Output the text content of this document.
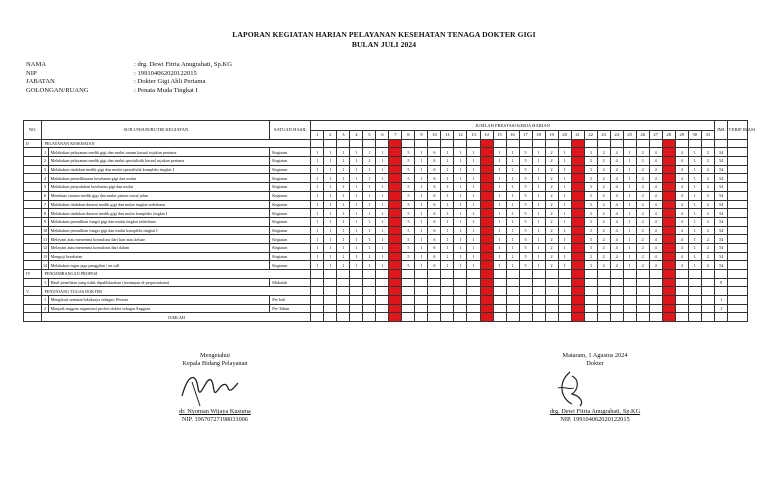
LAPORAN KEGIATAN HARIAN PELAYANAN KESEHATAN TENAGA DOKTER GIGI
BULAN JULI 2024
NAMA	: drg. Dewi Fitria Anugrahati, Sp.KG
NIP	: 199104062020122015
JABATAN	: Dokter Gigi Ahli Pertama
GOLONGAN/RUANG	: Penata Muda Tingkat I
NO.	SUB UNSUR/BUTIR KEGIATAN		SATUAN HASIL	JUMLAH PRESTASI KERJA HARIAN																															JML	VERIF IKASI
				1	2	3	4	5	6	7	8	9	10	11	12	13	14	15	16	17	18	19	20	21	22	23	24	25	26	27	28	29	30	31		
II	PELAYANAN KESEHATAN																																			
	1	Melakukan pelayanan medik gigi dan mulut umum kasual rujukan pertama	Kegiatan	1	1	1	1	1	1		5	1	6	1	1	1		1	1	5	1	2	1		3	2	4	1	2	4		4	1	2	54	
	2	Melakukan pelayanan medik gigi dan mulut spesialistik kasual rujukan pertama	Kegiatan	1	1	1	1	1	1		5	1	6	1	1	1		1	1	5	1	2	1		3	2	4	1	2	4		4	1	2	54	
	3	Melakukan tindakan medik gigi dan mulut spesialistik kompleks tingkat I	Kegiatan	1	1	1	1	1	1		5	1	6	1	1	1		1	1	5	1	2	1		3	2	4	1	2	4		4	1	2	54	
	4	Melakukan pemeliharaan kesehatan gigi dan mulut	Kegiatan	1	1	1	1	1	1		5	1	6	1	1	1		1	1	5	1	2	1		3	2	4	1	2	4		4	1	2	54	
	5	Melakukan penyuluhan kesehatan gigi dan mulut	Kegiatan	1	1	1	1	1	1		5	1	6	1	1	1		1	1	5	1	2	1		3	2	4	1	2	4		4	1	2	54	
	6	Membuat catatan medik gigi dan mulut pasien rawat jalan	Kegiatan	1	1	1	1	1	1		5	1	6	1	1	1		1	1	5	1	2	1		3	2	4	1	2	4		4	1	2	54	
	7	Melakukan tindakan darurat medik gigi dan mulut tingkat sederhana	Kegiatan	1	1	1	1	1	1		5	1	6	1	1	1		1	1	5	1	2	1		3	2	4	1	2	4		4	1	2	54	
	8	Melakukan tindakan darurat medik gigi dan mulut kompleks tingkat I	Kegiatan	1	1	1	1	1	1		5	1	6	1	1	1		1	1	5	1	2	1		3	2	4	1	2	4		4	1	2	54	
	9	Melakukan pemulihan fungsi gigi dan mulut tingkat sederhana	Kegiatan	1	1	1	1	1	1		5	1	6	1	1	1		1	1	5	1	2	1		3	2	4	1	2	4		4	1	2	54	
	10	Melakukan pemulihan fungsi gigi dan mulut kompleks tingkat I	Kegiatan	1	1	1	1	1	1		5	1	6	1	1	1		1	1	5	1	2	1		3	2	4	1	2	4		4	1	2	54	
	11	Melayani atau menerima konsultasi dari luar atau keluar	Kegiatan	1	1	1	1	1	1		5	1	6	1	1	1		1	1	5	1	2	1		3	2	4	1	2	4		4	1	2	54	
	12	Melayani atau menerima konsultasi dari dalam	Kegiatan	1	1	1	1	1	1		5	1	6	1	1	1		1	1	5	1	2	1		3	2	4	1	2	4		4	1	2	54	
	13	Menguji kesehatan	Kegiatan	1	1	1	1	1	1		5	1	6	1	1	1		1	1	5	1	2	1		3	2	4	1	2	4		4	1	2	54	
	14	Melakukan tugas jaga panggilan / on call	Kegiatan	1	1	1	1	1	1		5	1	6	1	1	1		1	1	5	1	2	1		3	2	4	1	2	4		4	1	2	54	
IV	PENGEMBANGAN PROFESI																																			
	1	Hasil penelitian yang tidak dipublikasikan (tersimpan di perpustakaan)	Makalah																																0	
V	PENUNJANG TUGAS DOKTER																																			
	1	Mengikuti seminar/lokakarya sebagai: Peserta	Per kali																																1	
	2	Menjadi anggota organisasi profesi dokter sebagai Anggota	Per Tahun																																1	
	JUMLAH																																			
Mengetahui
Kepala Bidang Pelayanan
dr. Nyoman Wijaya Kusuma
NIP. 19670727198031006
Mataram, 1 Agustus 2024
Dokter
drg. Dewi Fitria Anugrahati, Sp.KG
NIP. 199104062020122015
